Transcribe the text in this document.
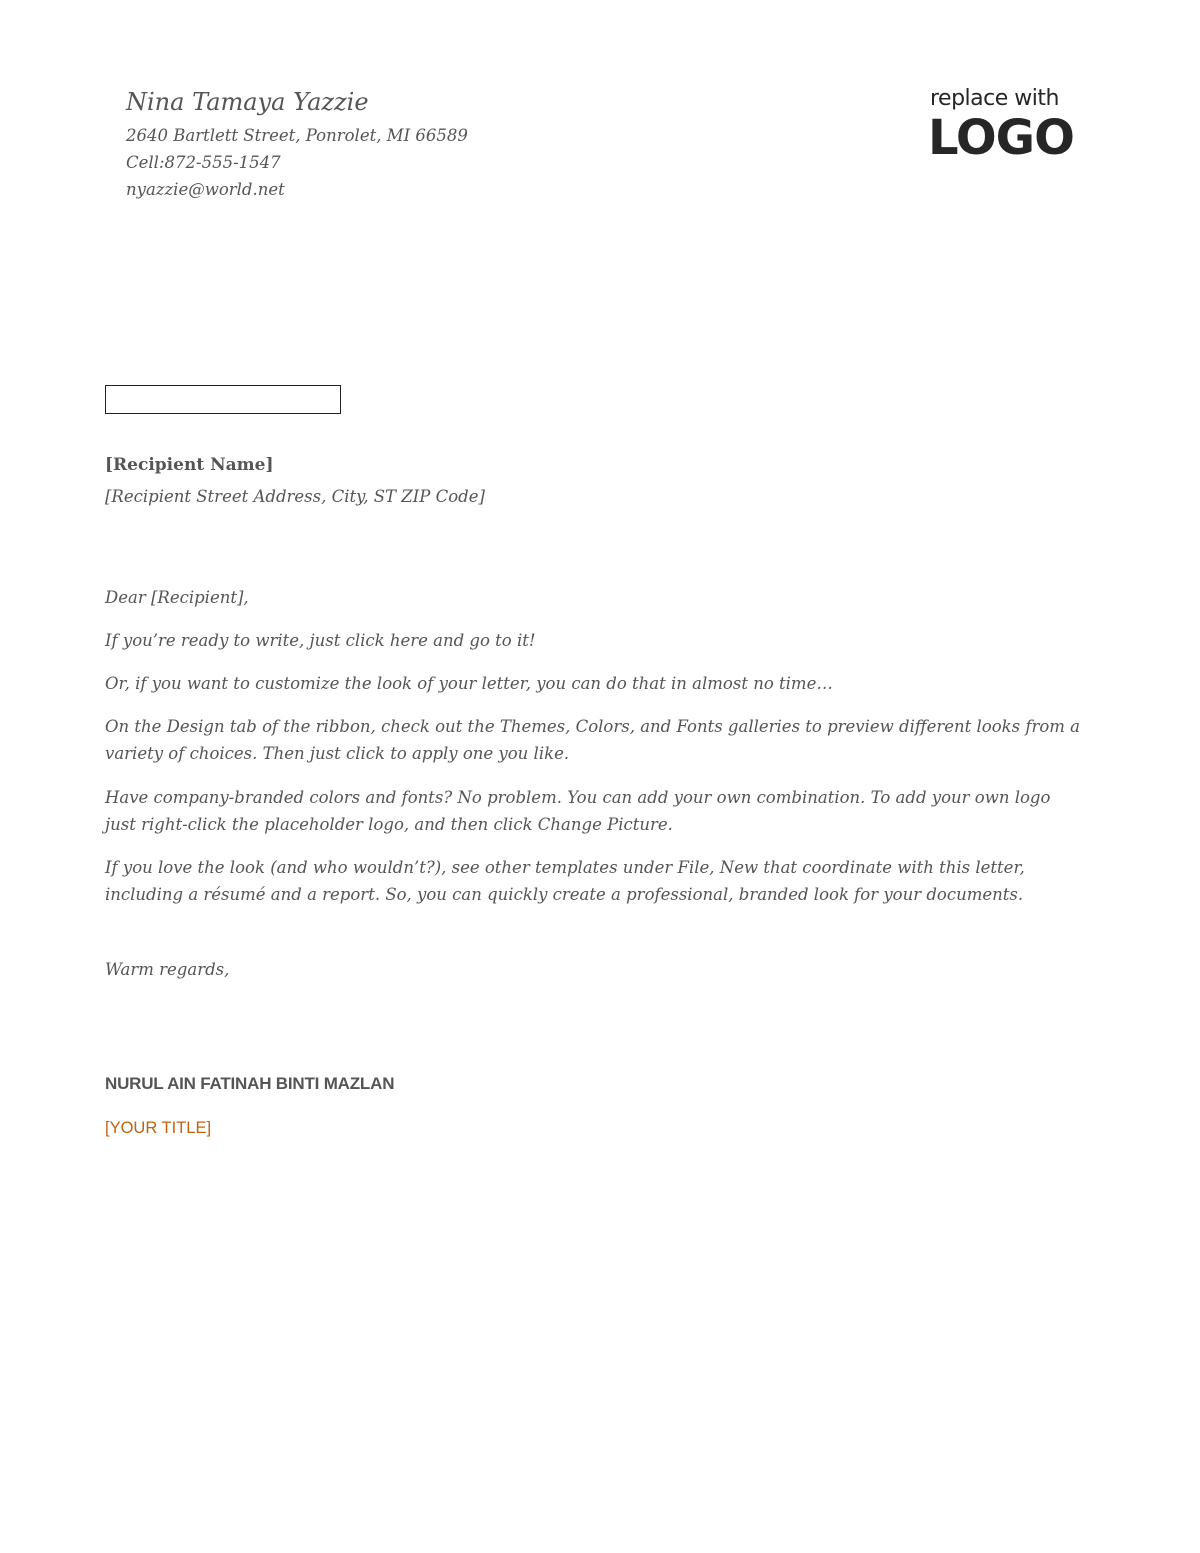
Nina Tamaya Yazzie
2640 Bartlett Street, Ponrolet, MI 66589
Cell:872-555-1547
nyazzie@world.net
replace with
LOGO
[Recipient Name]
[Recipient Street Address, City, ST ZIP Code]
Dear [Recipient],
If you’re ready to write, just click here and go to it!
Or, if you want to customize the look of your letter, you can do that in almost no time…
On the Design tab of the ribbon, check out the Themes, Colors, and Fonts galleries to preview different looks from a variety of choices. Then just click to apply one you like.
Have company-branded colors and fonts? No problem. You can add your own combination. To add your own logo just right-click the placeholder logo, and then click Change Picture.
If you love the look (and who wouldn’t?), see other templates under File, New that coordinate with this letter, including a résumé and a report. So, you can quickly create a professional, branded look for your documents.
Warm regards,
NURUL AIN FATINAH BINTI MAZLAN
[YOUR TITLE]
